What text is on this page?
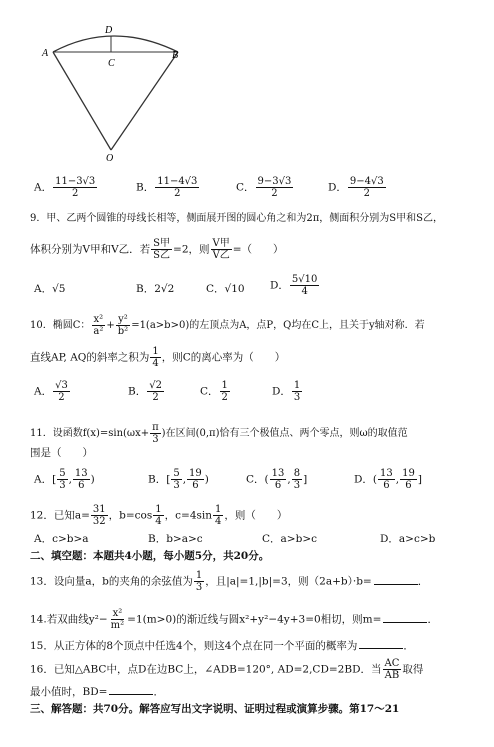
D
A
C
B
O
A． $\frac{11-3√3}{2}$	B． $\frac{11-4√3}{2}$	C． $\frac{9-3√3}{2}$	D． $\frac{9-4√3}{2}$
9．甲、乙两个圆锥的母线长相等，侧面展开图的圆心角之和为2π，侧面积分别为S甲和S乙，
体积分别为V甲和V乙．若 $\frac{\text{S甲}}{\text{S乙}} =2$，则 $\frac{\text{V甲}}{\text{V乙}}$ =（　　）
A．√5	B．2√2	C．√10 D． $\frac{5√10}{4}$
10．椭圆C： $\frac{\text{x²}}{\text{a²}} + \frac{\text{y²}}{\text{b²}} =1(a>b>0)$的左顶点为A，点P，Q均在C上，且关于y轴对称．若
直线AP, AQ的斜率之积为 $\frac{1}{4}$ ，则C的离心率为（　　）
A． $\frac{√3}{2}$	B． $\frac{√2}{2}$	C． $\frac{1}{2}$	D． $\frac{1}{3}$
11．设函数$f(x)=\sin(\omega x+ \frac{\pi}{3}$ )在区间(0,π)恰有三个极值点、两个零点，则ω的取值范
围是（　　）
A．[ $\frac{5}{3}$ , $\frac{13}{6}$ )	B．[ $\frac{5}{3}$ , $\frac{19}{6}$ )	C．( $\frac{13}{6}$ , $\frac{8}{3}$ ]	D．( $\frac{13}{6}$ , $\frac{19}{6}$ ]
12．已知$a= \frac{31}{32}$ ，$b=\cos \frac{1}{4}$ ，$c=4\sin \frac{1}{4}$ ，则（　　）
A．c>b>a	B．b>a>c	C．a>b>c	D．a>c>b
二、填空题：本题共4小题，每小题5分，共20分。
13．设向量a，b的夹角的余弦值为 $\frac{1}{3}$ ，且|a|=1,|b|=3，则（2a+b）·b=	．
14.若双曲线$y^2- \frac{\text{x²}}{\text{m²}} =1(m>0)$的渐近线与圆x²+y²−4y+3=0相切，则m=	．
15．从正方体的8个顶点中任选4个，则这4个点在同一个平面的概率为	．
16．已知△ABC中，点D在边BC上，∠ADB=120°, AD=2,CD=2BD．当 $\frac{AC}{AB}$ 取得
最小值时，BD=	．
三、解答题：共70分。解答应写出文字说明、证明过程或演算步骤。第17～21
